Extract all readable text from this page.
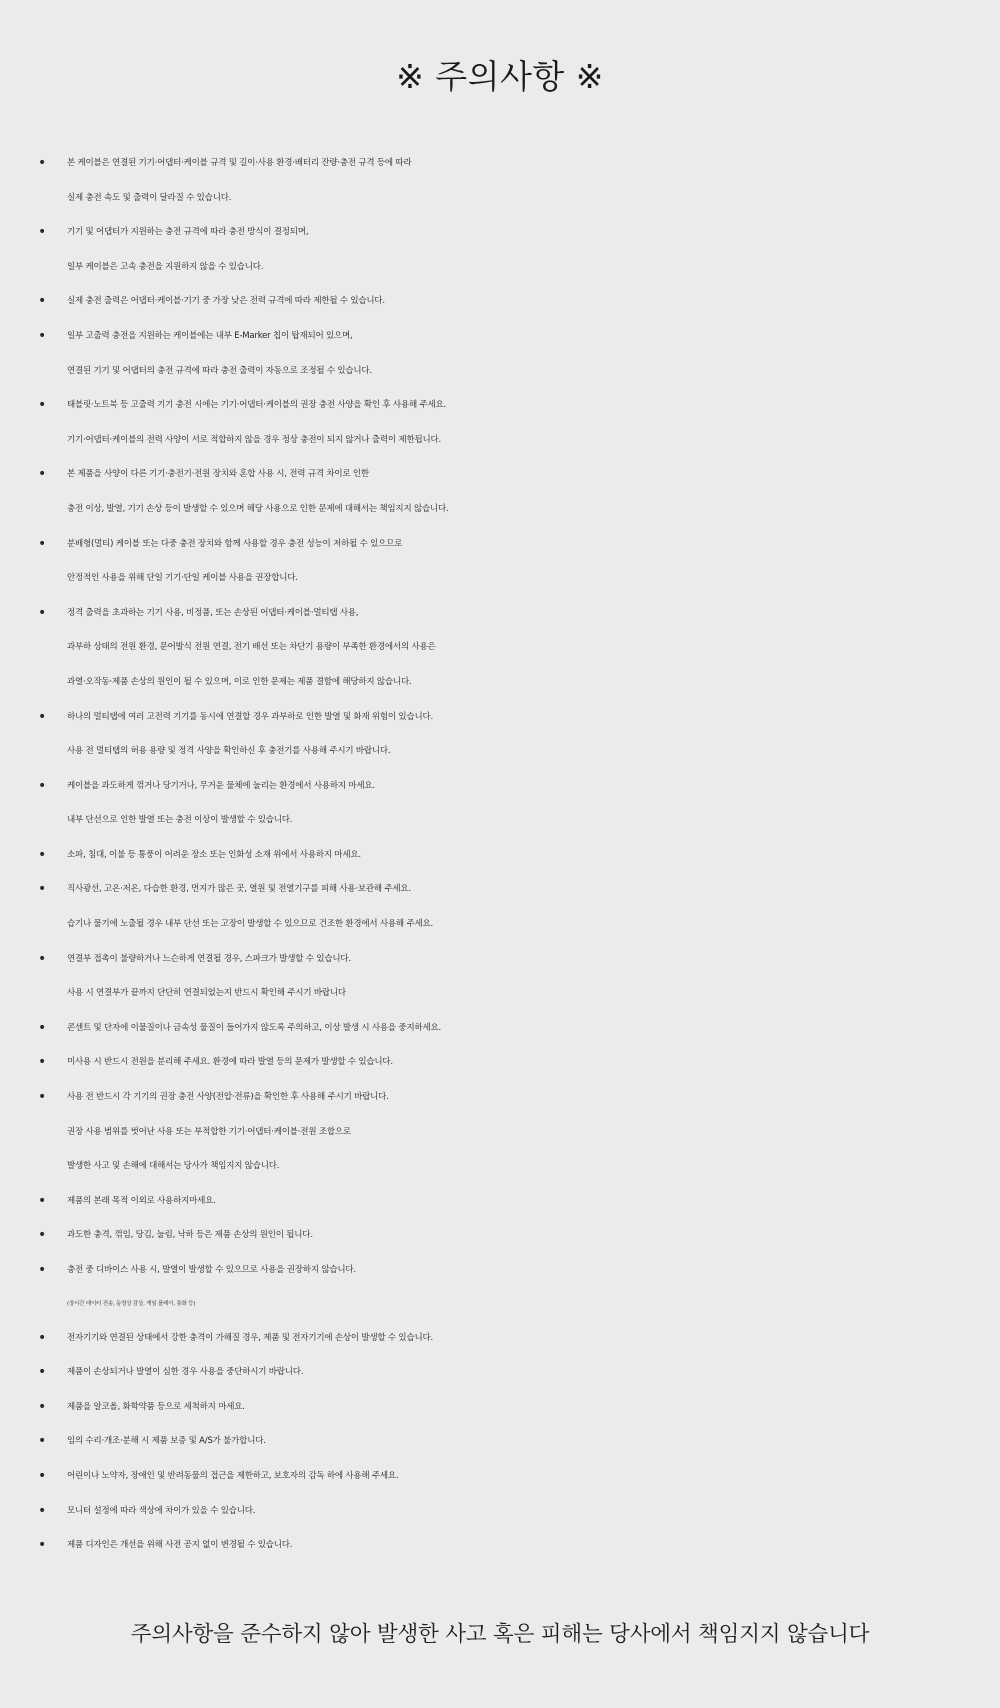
※ 주의사항 ※
• 본 케이블은 연결된 기기·어댑터·케이블 규격 및 길이·사용 환경·배터리 잔량·충전 규격 등에 따라
실제 충전 속도 및 출력이 달라질 수 있습니다.
• 기기 및 어댑터가 지원하는 충전 규격에 따라 충전 방식이 결정되며,
일부 케이블은 고속 충전을 지원하지 않을 수 있습니다.
• 실제 충전 출력은 어댑터·케이블·기기 중 가장 낮은 전력 규격에 따라 제한될 수 있습니다.
• 일부 고출력 충전을 지원하는 케이블에는 내부 E-Marker 칩이 탑재되어 있으며,
연결된 기기 및 어댑터의 충전 규격에 따라 충전 출력이 자동으로 조정될 수 있습니다.
• 태블릿·노트북 등 고출력 기기 충전 시에는 기기·어댑터·케이블의 권장 충전 사양을 확인 후 사용해 주세요.
기기·어댑터·케이블의 전력 사양이 서로 적합하지 않을 경우 정상 충전이 되지 않거나 출력이 제한됩니다.
• 본 제품을 사양이 다른 기기·충전기·전원 장치와 혼합 사용 시, 전력 규격 차이로 인한
충전 이상, 발열, 기기 손상 등이 발생할 수 있으며 해당 사용으로 인한 문제에 대해서는 책임지지 않습니다.
• 분배형(멀티) 케이블 또는 다중 충전 장치와 함께 사용할 경우 충전 성능이 저하될 수 있으므로
안정적인 사용을 위해 단일 기기·단일 케이블 사용을 권장합니다.
• 정격 출력을 초과하는 기기 사용, 비정품, 또는 손상된 어댑터·케이블·멀티탭 사용,
과부하 상태의 전원 환경, 문어발식 전원 연결, 전기 배선 또는 차단기 용량이 부족한 환경에서의 사용은
과열·오작동·제품 손상의 원인이 될 수 있으며, 이로 인한 문제는 제품 결함에 해당하지 않습니다.
• 하나의 멀티탭에 여러 고전력 기기를 동시에 연결할 경우 과부하로 인한 발열 및 화재 위험이 있습니다.
사용 전 멀티탭의 허용 용량 및 정격 사양을 확인하신 후 충전기를 사용해 주시기 바랍니다.
• 케이블을 과도하게 꺾거나 당기거나, 무거운 물체에 눌리는 환경에서 사용하지 마세요.
내부 단선으로 인한 발열 또는 충전 이상이 발생할 수 있습니다.
• 소파, 침대, 이불 등 통풍이 어려운 장소 또는 인화성 소재 위에서 사용하지 마세요.
• 직사광선, 고온·저온, 다습한 환경, 먼지가 많은 곳, 열원 및 전열기구를 피해 사용·보관해 주세요.
습기나 물기에 노출될 경우 내부 단선 또는 고장이 발생할 수 있으므로 건조한 환경에서 사용해 주세요.
• 연결부 접촉이 불량하거나 느슨하게 연결될 경우, 스파크가 발생할 수 있습니다.
사용 시 연결부가 끝까지 단단히 연결되었는지 반드시 확인해 주시기 바랍니다
• 콘센트 및 단자에 이물질이나 금속성 물질이 들어가지 않도록 주의하고, 이상 발생 시 사용을 중지하세요.
• 미사용 시 반드시 전원을 분리해 주세요. 환경에 따라 발열 등의 문제가 발생할 수 있습니다.
• 사용 전 반드시 각 기기의 권장 충전 사양(전압·전류)을 확인한 후 사용해 주시기 바랍니다.
권장 사용 범위를 벗어난 사용 또는 부적합한 기기·어댑터·케이블·전원 조합으로
발생한 사고 및 손해에 대해서는 당사가 책임지지 않습니다.
• 제품의 본래 목적 이외로 사용하지마세요.
• 과도한 충격, 꺾임, 당김, 눌림, 낙하 등은 제품 손상의 원인이 됩니다.
• 충전 중 디바이스 사용 시, 발열이 발생할 수 있으므로 사용을 권장하지 않습니다.
(장시간 데이터 전송, 동영상 감상, 게임 플레이, 통화 등)
• 전자기기와 연결된 상태에서 강한 충격이 가해질 경우, 제품 및 전자기기에 손상이 발생할 수 있습니다.
• 제품이 손상되거나 발열이 심한 경우 사용을 중단하시기 바랍니다.
• 제품을 알코올, 화학약품 등으로 세척하지 마세요.
• 임의 수리·개조·분해 시 제품 보증 및 A/S가 불가합니다.
• 어린이나 노약자, 장애인 및 반려동물의 접근을 제한하고, 보호자의 감독 하에 사용해 주세요.
• 모니터 설정에 따라 색상에 차이가 있을 수 있습니다.
• 제품 디자인은 개선을 위해 사전 공지 없이 변경될 수 있습니다.

주의사항을 준수하지 않아 발생한 사고 혹은 피해는 당사에서 책임지지 않습니다
